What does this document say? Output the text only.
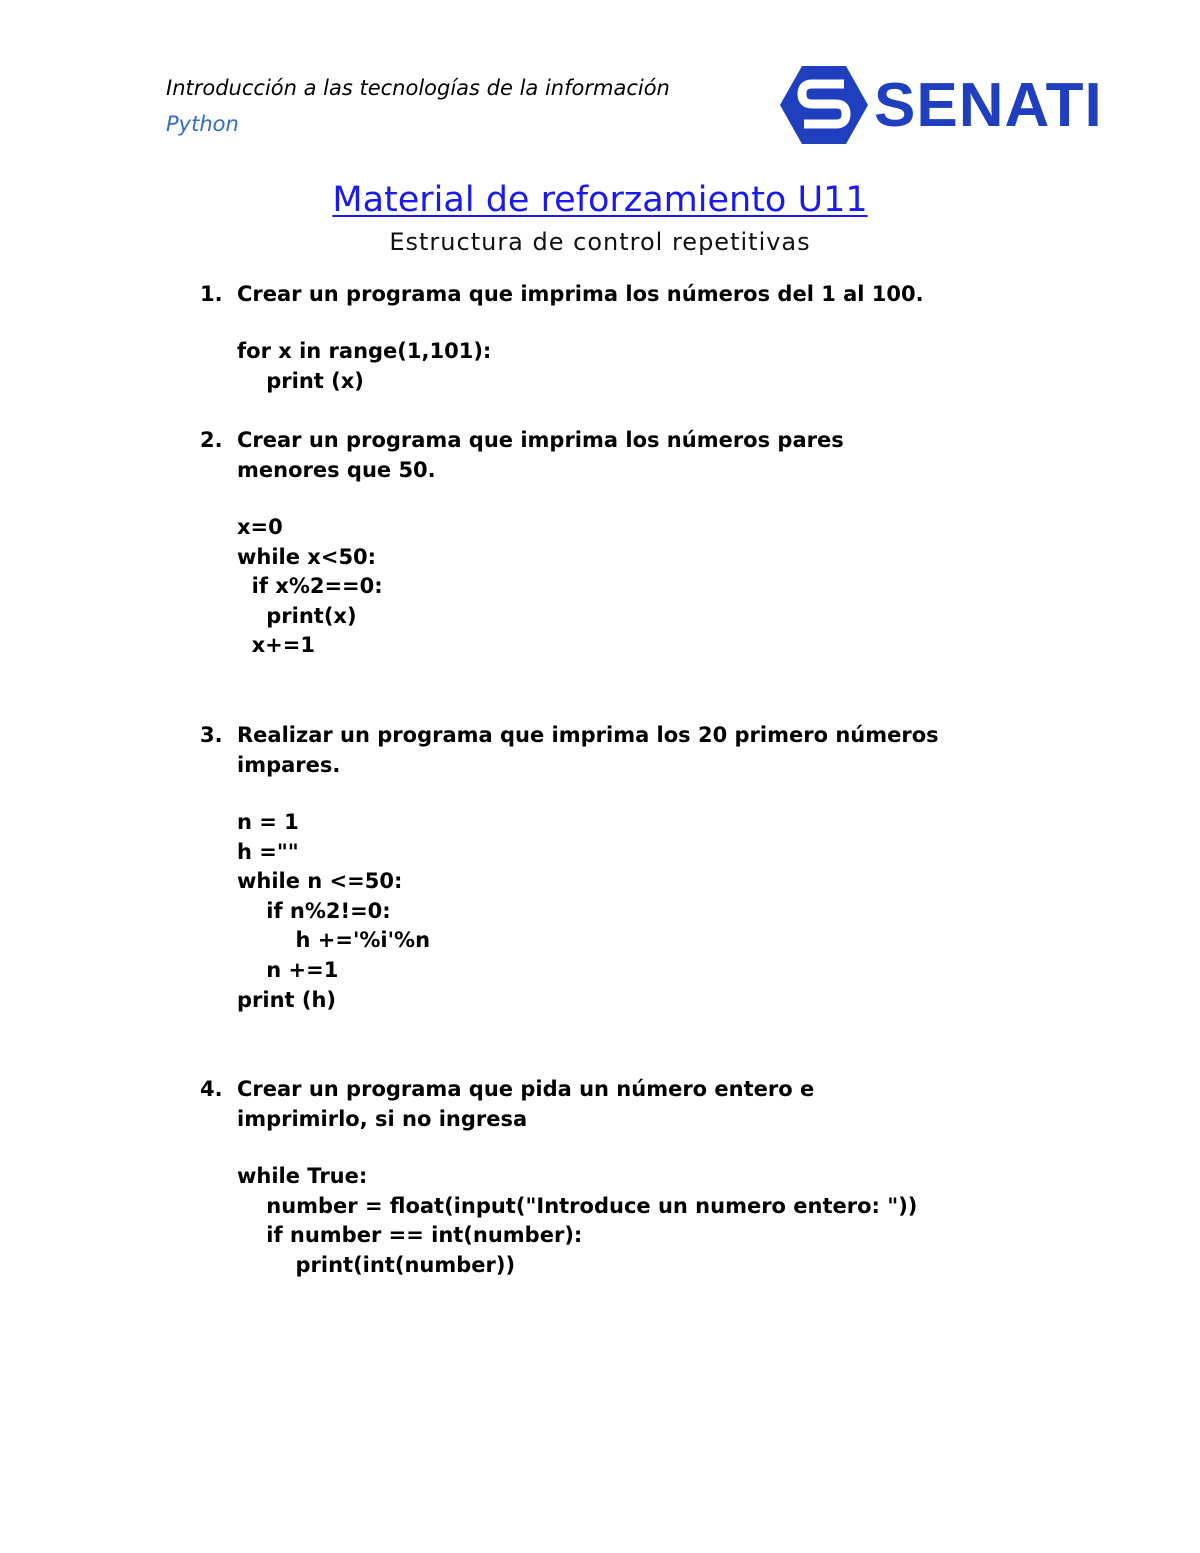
Introducción a las tecnologías de la información
Python	SENATI
Material de reforzamiento U11
Estructura de control repetitivas
1. Crear un programa que imprima los números del 1 al 100.
for x in range(1,101):
print (x)
2. Crear un programa que imprima los números pares menores que 50.
x=0
while x<50:
if x%2==0:
print(x)
x+=1
3. Realizar un programa que imprima los 20 primero números impares.
n = 1
h =""
while n <=50:
if n%2!=0:
h +='%i'%n
n +=1
print (h)
4. Crear un programa que pida un número entero e imprimirlo, si no ingresa
while True:
number = float(input("Introduce un numero entero: "))
if number == int(number):
print(int(number))
